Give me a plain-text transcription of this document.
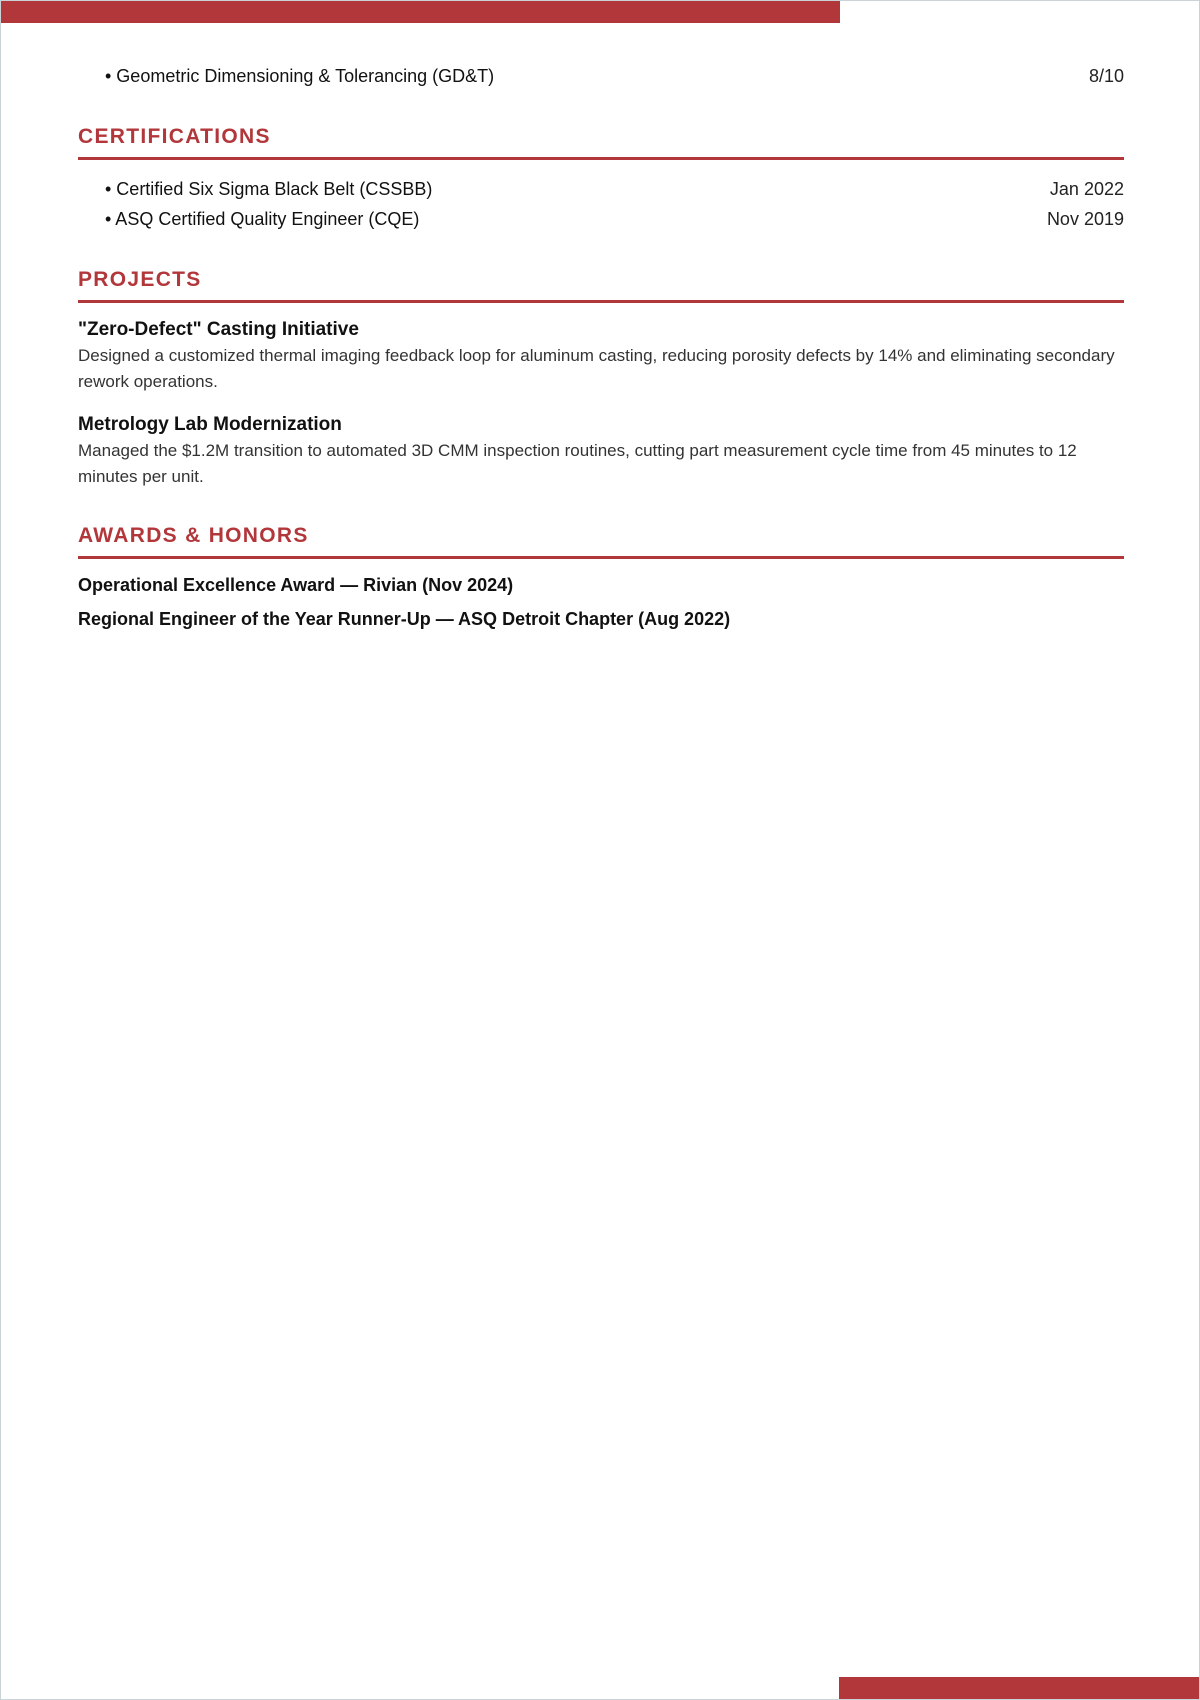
• Geometric Dimensioning & Tolerancing (GD&T)	8/10
CERTIFICATIONS
• Certified Six Sigma Black Belt (CSSBB)	Jan 2022
• ASQ Certified Quality Engineer (CQE)	Nov 2019
PROJECTS
"Zero-Defect" Casting Initiative
Designed a customized thermal imaging feedback loop for aluminum casting, reducing porosity defects by 14% and eliminating secondary rework operations.
Metrology Lab Modernization
Managed the $1.2M transition to automated 3D CMM inspection routines, cutting part measurement cycle time from 45 minutes to 12 minutes per unit.
AWARDS & HONORS
Operational Excellence Award — Rivian (Nov 2024)
Regional Engineer of the Year Runner-Up — ASQ Detroit Chapter (Aug 2022)
